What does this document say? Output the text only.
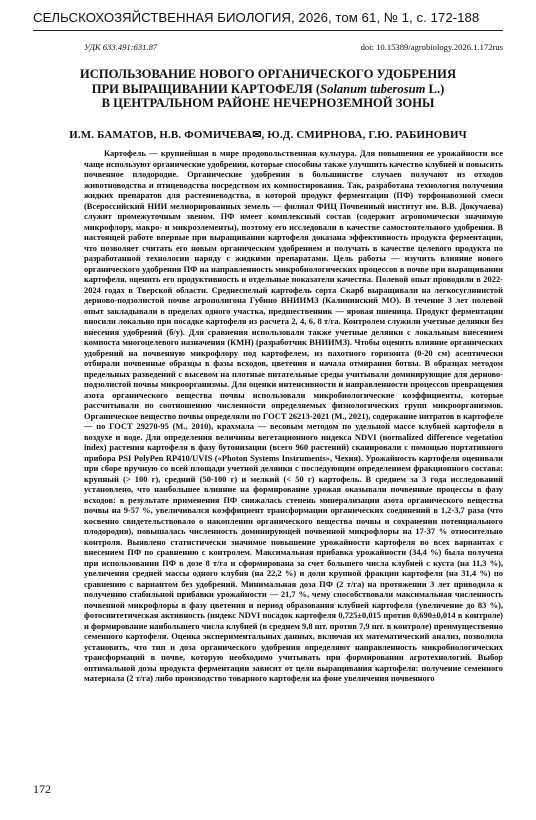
СЕЛЬСКОХОЗЯЙСТВЕННАЯ БИОЛОГИЯ, 2026, том 61, № 1, с. 172-188
УДК 633.491:631.87	doi: 10.15389/agrobiology.2026.1.172rus
ИСПОЛЬЗОВАНИЕ НОВОГО ОРГАНИЧЕСКОГО УДОБРЕНИЯ
ПРИ ВЫРАЩИВАНИИ КАРТОФЕЛЯ (Solanum tuberosum L.)
В ЦЕНТРАЛЬНОМ РАЙОНЕ НЕЧЕРНОЗЕМНОЙ ЗОНЫ
И.М. БАМАТОВ, Н.В. ФОМИЧЕВА✉, Ю.Д. СМИРНОВА, Г.Ю. РАБИНОВИЧ

Картофель — крупнейшая в мире продовольственная культура. Для повышения ее урожайности все чаще используют органические удобрения, которые способны также улучшить качество клубней и повысить почвенное плодородие. Органические удобрения в большинстве случаев получают из отходов животноводства и птицеводства посредством их компостирования. Так, разработана технология получения жидких препаратов для растениеводства, в которой продукт ферментации (ПФ) торфонавозной смеси (Всероссийский НИИ мелиорированных земель — филиал ФИЦ Почвенный институт им. В.В. Докучаева) служит промежуточным звеном. ПФ имеет комплексный состав (содержит агрономически значимую микрофлору, макро- и микроэлементы), поэтому его исследовали в качестве самостоятельного удобрения. В настоящей работе впервые при выращивании картофеля доказана эффективность продукта ферментации, что позволяет считать его новым органическим удобрением и получать в качестве целевого продукта по разработанной технологии наряду с жидкими препаратами. Цель работы — изучить влияние нового органического удобрения ПФ на направленность микробиологических процессов в почве при выращивании картофеля, оценить его продуктивность и отдельные показатели качества. Полевой опыт проводили в 2022-2024 годах в Тверской области. Среднеспелый картофель сорта Скарб выращивали на легкосуглинистой дерново-подзолистой почве агрополигона Губино ВНИИМЗ (Калининский МО). В течение 3 лет полевой опыт закладывали в пределах одного участка, предшественник — яровая пшеница. Продукт ферментации вносили локально при посадке картофеля из расчета 2, 4, 6, 8 т/га. Контролем служили учетные делянки без внесения удобрений (б/у). Для сравнения использовали также учетные делянки с локальным внесением компоста многоцелевого назначения (КМН) (разработчик ВНИИМЗ). Чтобы оценить влияние органических удобрений на почвенную микрофлору под картофелем, из пахотного горизонта (0-20 см) асептически отбирали почвенные образцы в фазы всходов, цветения и начала отмирания ботвы. В образцах методом предельных разведений с высевом на плотные питательные среды учитывали доминирующие для дерново-подзолистой почвы микроорганизмы. Для оценки интенсивности и направленности процессов превращения азота органического вещества почвы использовали микробиологические коэффициенты, которые рассчитывали по соотношению численности определяемых физиологических групп микроорганизмов. Органическое вещество почвы определяли по ГОСТ 26213-2021 (М., 2021), содержание нитратов в картофеле — по ГОСТ 29270-95 (М., 2010), крахмала — весовым методом по удельной массе клубней картофеля в воздухе и воде. Для определения величины вегетационного индекса NDVI (normalized difference vegetation index) растения картофеля в фазу бутонизации (всего 960 растений) сканировали с помощью портативного прибора PSI PolyPen RP410/UVIS («Photon Systems Instruments», Чехия). Урожайность картофеля оценивали при сборе вручную со всей площади учетной делянки с последующим определением фракционного состава: крупный (> 100 г), средний (50-100 г) и мелкий (< 50 г) картофель. В среднем за 3 года исследований установлено, что наибольшее влияние на формирование урожая оказывали почвенные процессы в фазу всходов: в результате применения ПФ снижалась степень минерализации азота органического вещества почвы на 9-57 %, увеличивался коэффициент трансформации органических соединений в 1,2-3,7 раза (что косвенно свидетельствовало о накоплении органического вещества почвы и сохранении потенциального плодородия), повышалась численность доминирующей почвенной микрофлоры на 17-37 % относительно контроля. Выявлено статистически значимое повышение урожайности картофеля во всех вариантах с внесением ПФ по сравнению с контролем. Максимальная прибавка урожайности (34,4 %) была получена при использовании ПФ в дозе 8 т/га и сформирована за счет большего числа клубней с куста (на 11,3 %), увеличения средней массы одного клубня (на 22,2 %) и доли крупной фракции картофеля (на 31,4 %) по сравнению с вариантом без удобрений. Минимальная доза ПФ (2 т/га) на протяжении 3 лет приводила к получению стабильной прибавки урожайности — 21,7 %, чему способствовали максимальная численность почвенной микрофлоры в фазу цветения и период образования клубней картофеля (увеличение до 83 %), фотосинтетическая активность (индекс NDVI посадок картофеля 0,725±0,015 против 0,690±0,014 в контроле) и формирование наибольшего числа клубней (в среднем 9,8 шт. против 7,9 шт. в контроле) преимущественно семенного картофеля. Оценка экспериментальных данных, включая их математический анализ, позволила установить, что тип и доза органического удобрения определяют направленность микробиологических трансформаций в почве, которую необходимо учитывать при формировании агротехнологий. Выбор оптимальной дозы продукта ферментации зависит от цели выращивания картофеля: получение семенного материала (2 т/га) либо производство товарного картофеля на фоне увеличения почвенного

172
